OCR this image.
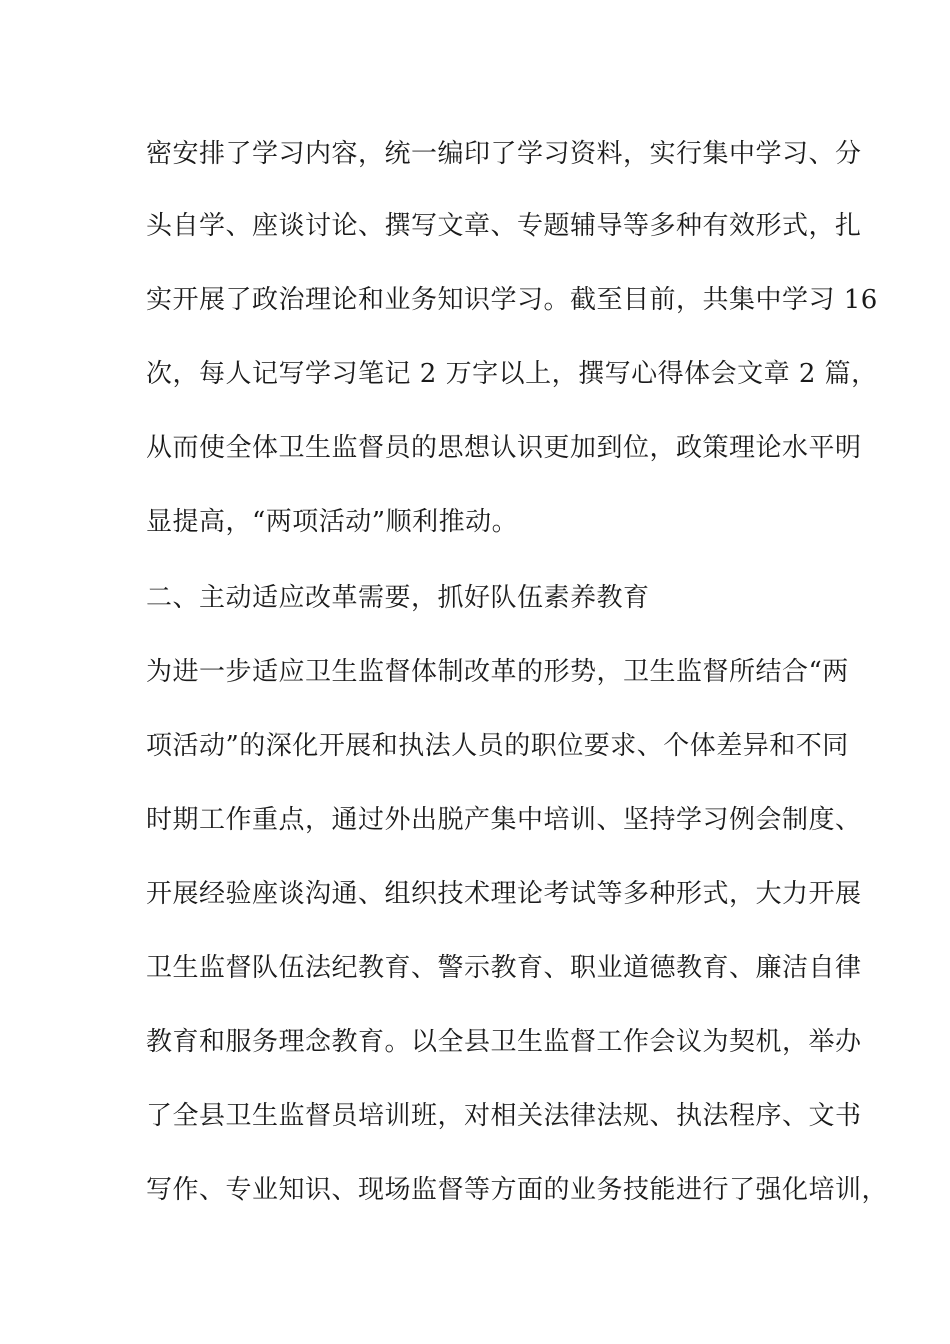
密安排了学习内容，统一编印了学习资料，实行集中学习、分
头自学、座谈讨论、撰写文章、专题辅导等多种有效形式，扎
实开展了政治理论和业务知识学习。截至目前，共集中学习 16
次，每人记写学习笔记 2 万字以上，撰写心得体会文章 2 篇，
从而使全体卫生监督员的思想认识更加到位，政策理论水平明
显提高，“两项活动”顺利推动。
二、主动适应改革需要，抓好队伍素养教育
为进一步适应卫生监督体制改革的形势，卫生监督所结合“两
项活动”的深化开展和执法人员的职位要求、个体差异和不同
时期工作重点，通过外出脱产集中培训、坚持学习例会制度、
开展经验座谈沟通、组织技术理论考试等多种形式，大力开展
卫生监督队伍法纪教育、警示教育、职业道德教育、廉洁自律
教育和服务理念教育。以全县卫生监督工作会议为契机，举办
了全县卫生监督员培训班，对相关法律法规、执法程序、文书
写作、专业知识、现场监督等方面的业务技能进行了强化培训，
